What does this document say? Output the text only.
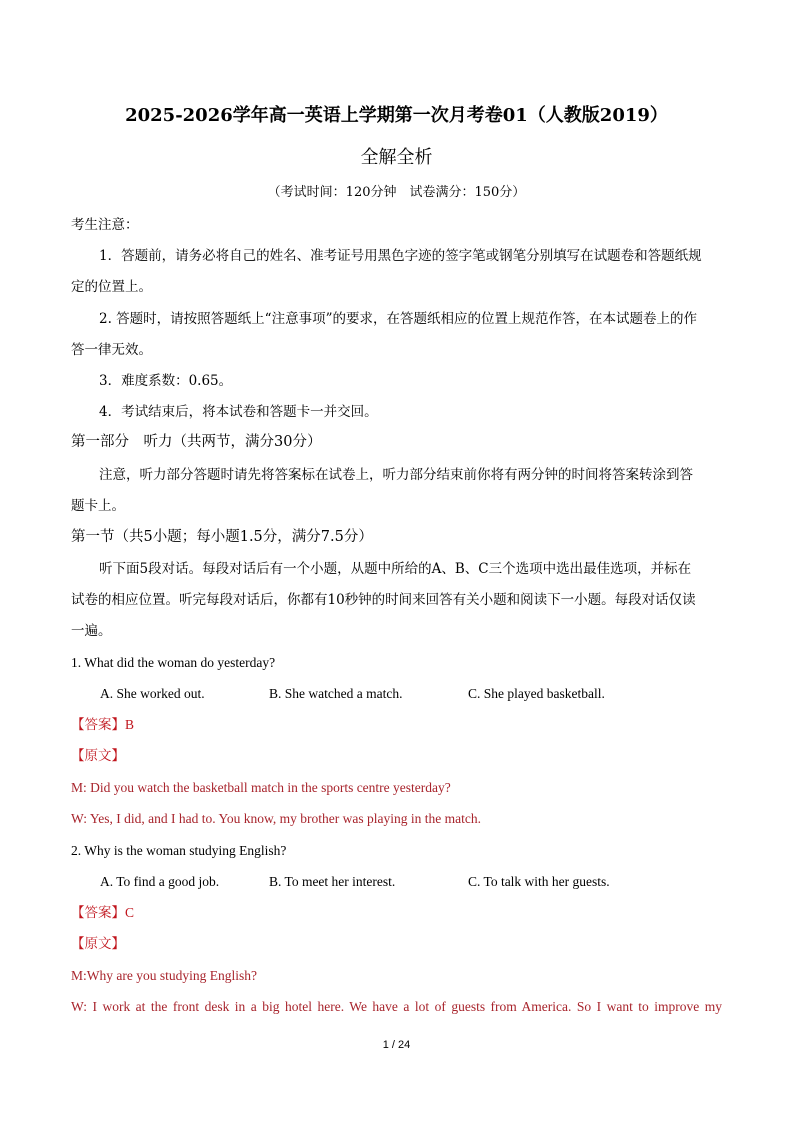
2025-2026学年高一英语上学期第一次月考卷01（人教版2019）
全解全析
（考试时间：120分钟　试卷满分：150分）
考生注意：
1．答题前，请务必将自己的姓名、准考证号用黑色字迹的签字笔或钢笔分别填写在试题卷和答题纸规
定的位置上。
2. 答题时，请按照答题纸上“注意事项”的要求，在答题纸相应的位置上规范作答，在本试题卷上的作
答一律无效。
3．难度系数：0.65。
4．考试结束后，将本试卷和答题卡一并交回。
第一部分　听力（共两节，满分30分）
注意，听力部分答题时请先将答案标在试卷上，听力部分结束前你将有两分钟的时间将答案转涂到答
题卡上。
第一节（共5小题；每小题1.5分，满分7.5分）
听下面5段对话。每段对话后有一个小题，从题中所给的A、B、C三个选项中选出最佳选项，并标在
试卷的相应位置。听完每段对话后，你都有10秒钟的时间来回答有关小题和阅读下一小题。每段对话仅读
一遍。
1. What did the woman do yesterday?
A. She worked out.	B. She watched a match.	C. She played basketball.
【答案】B
【原文】
M: Did you watch the basketball match in the sports centre yesterday?
W: Yes, I did, and I had to. You know, my brother was playing in the match.
2. Why is the woman studying English?
A. To find a good job.	B. To meet her interest.	C. To talk with her guests.
【答案】C
【原文】
M:Why are you studying English?
W: I work at the front desk in a big hotel here. We have a lot of guests from America. So I want to improve my
1 / 24
